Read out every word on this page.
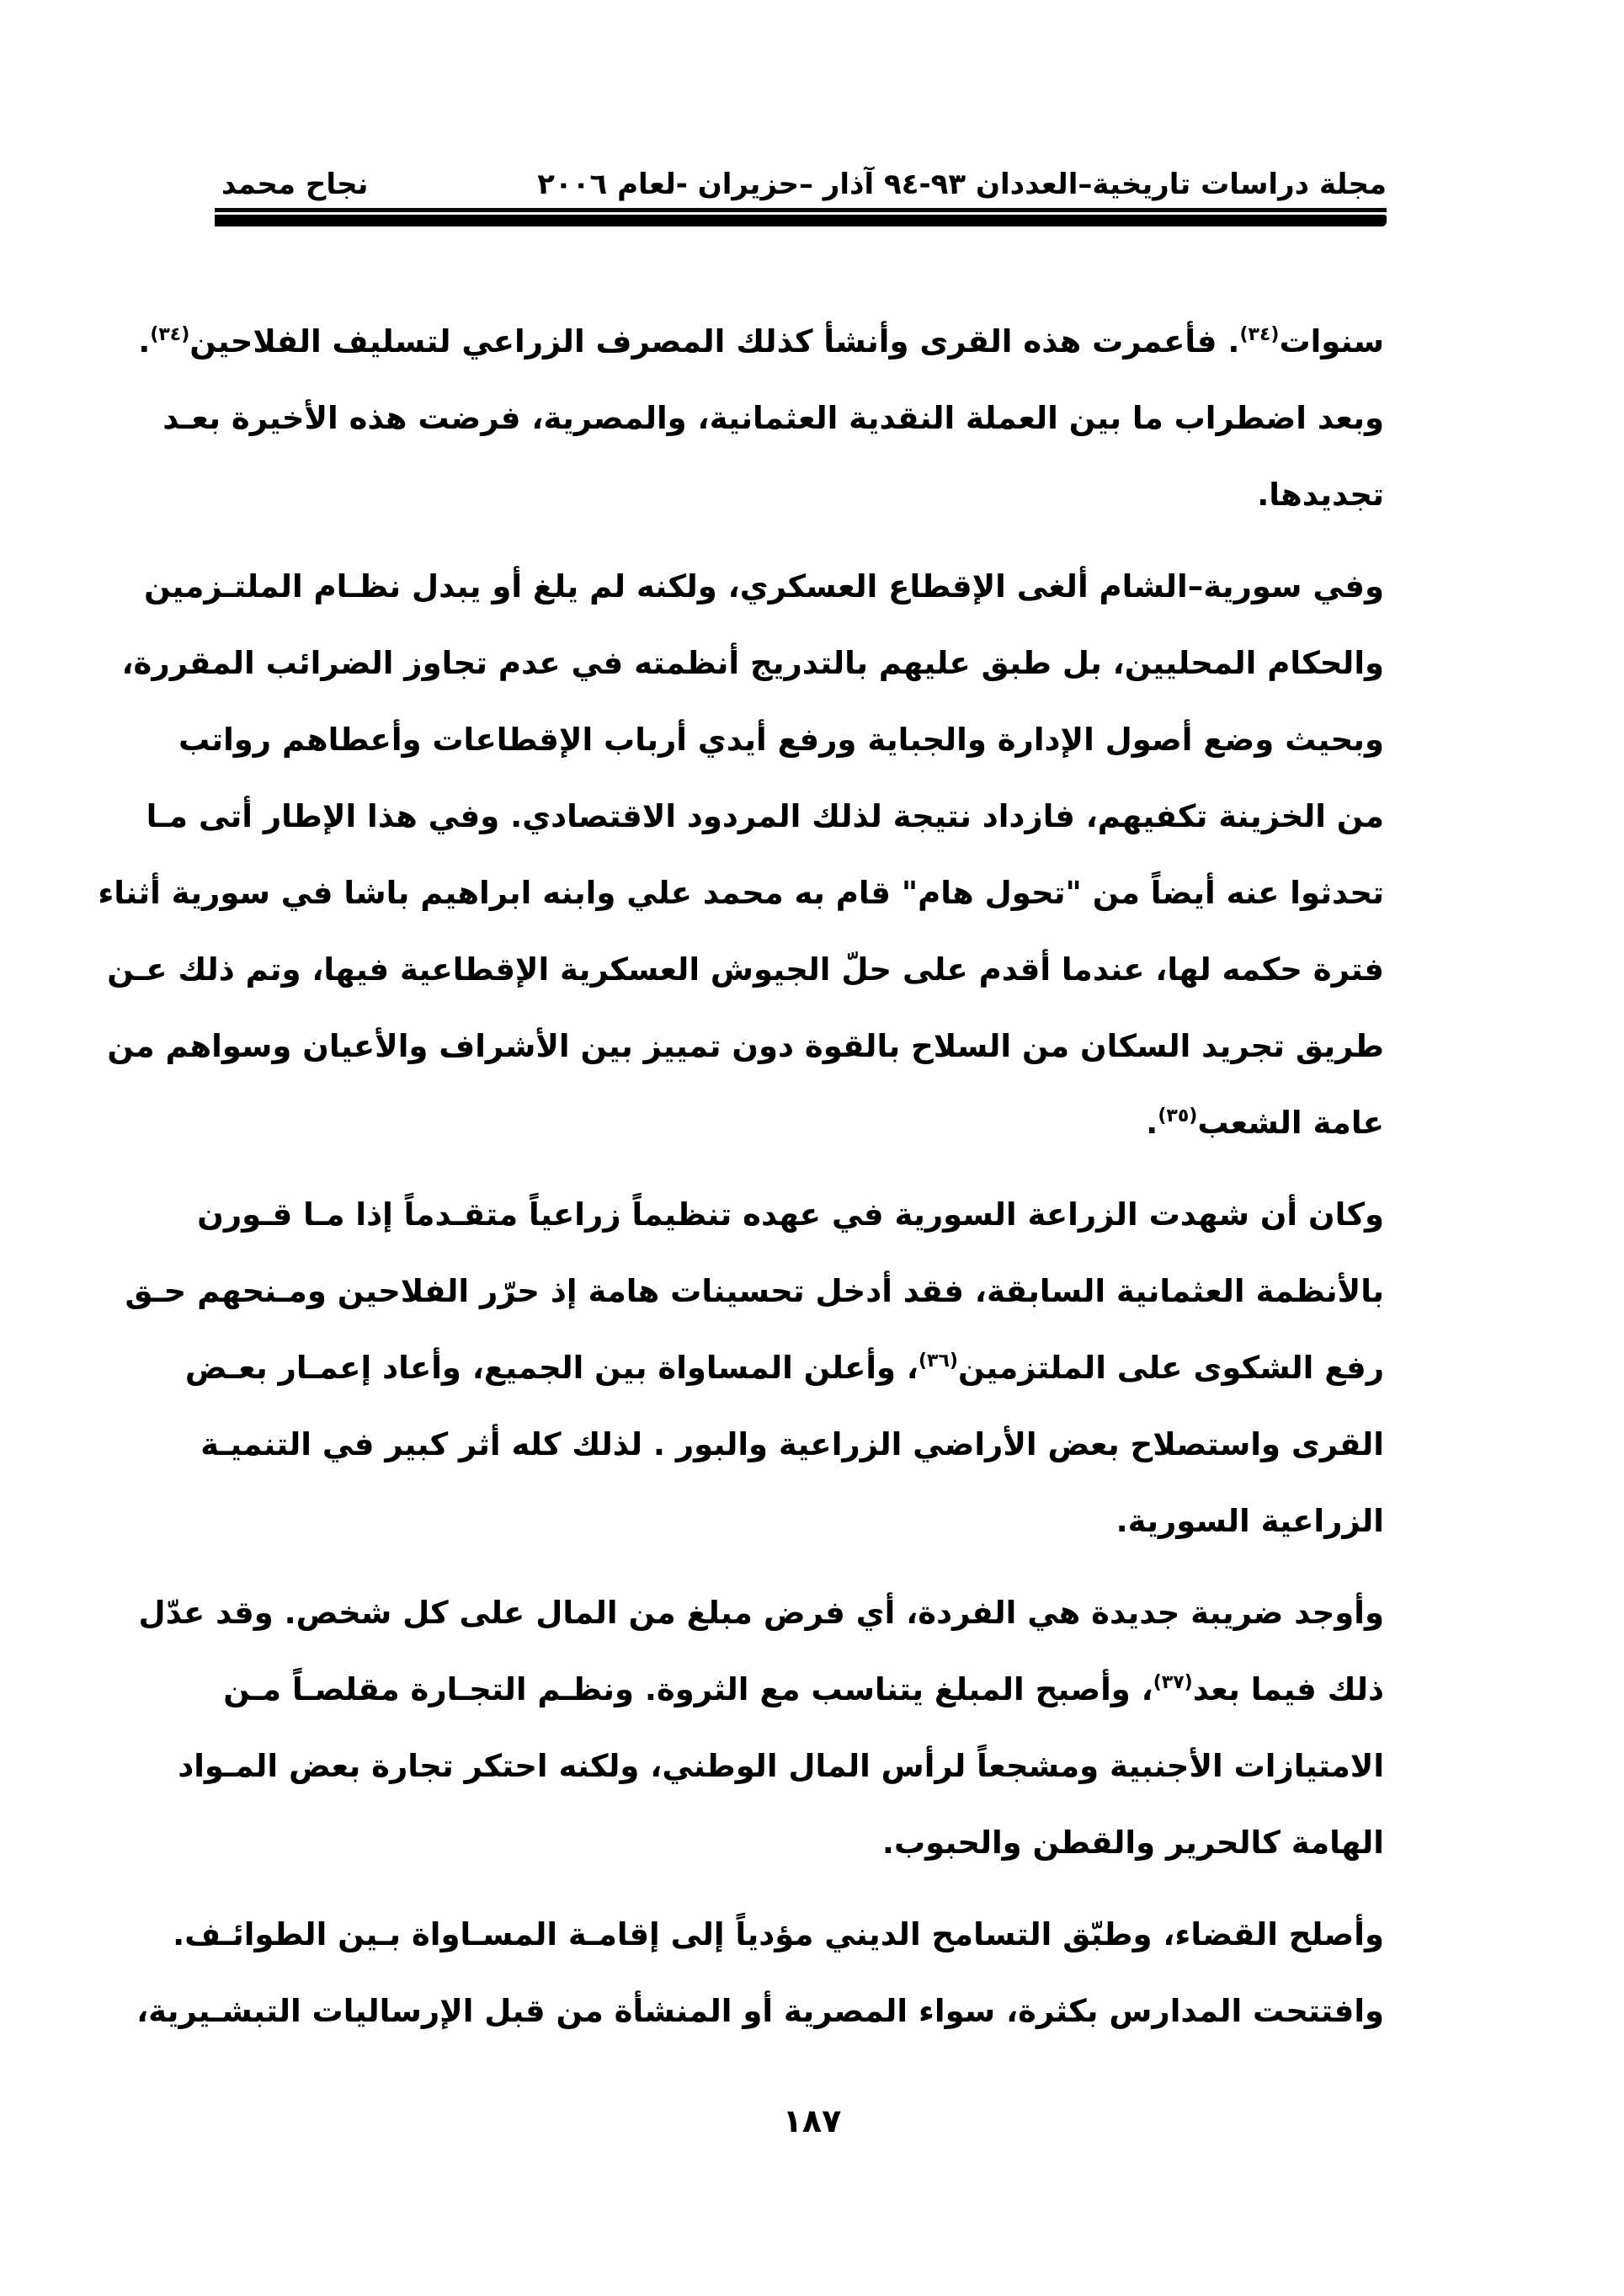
مجلة دراسات تاريخية–العددان ٩٣-٩٤ آذار –حزيران -لعام ٢٠٠٦
نجاح محمد
سنوات$^{(٣٤)}$. فأعمرت هذه القرى وأنشأ كذلك المصرف الزراعي لتسليف الفلاحين$^{(٣٤)}$.
وبعد اضطراب ما بين العملة النقدية العثمانية، والمصرية، فرضت هذه الأخيرة بعـد
تجديدها.
وفي سورية–الشام ألغى الإقطاع العسكري، ولكنه لم يلغ أو يبدل نظـام الملتـزمين
والحكام المحليين، بل طبق عليهم بالتدريج أنظمته في عدم تجاوز الضرائب المقررة،
وبحيث وضع أصول الإدارة والجباية ورفع أيدي أرباب الإقطاعات وأعطاهم رواتب
من الخزينة تكفيهم، فازداد نتيجة لذلك المردود الاقتصادي. وفي هذا الإطار أتى مـا
تحدثوا عنه أيضاً من "تحول هام" قام به محمد علي وابنه ابراهيم باشا في سورية أثناء
فترة حكمه لها، عندما أقدم على حلّ الجيوش العسكرية الإقطاعية فيها، وتم ذلك عـن
طريق تجريد السكان من السلاح بالقوة دون تمييز بين الأشراف والأعيان وسواهم من
عامة الشعب$^{(٣٥)}$.
وكان أن شهدت الزراعة السورية في عهده تنظيماً زراعياً متقـدماً إذا مـا قـورن
بالأنظمة العثمانية السابقة، فقد أدخل تحسينات هامة إذ حرّر الفلاحين ومـنحهم حـق
رفع الشكوى على الملتزمين$^{(٣٦)}$، وأعلن المساواة بين الجميع، وأعاد إعمـار بعـض
القرى واستصلاح بعض الأراضي الزراعية والبور . لذلك كله أثر كبير في التنميـة
الزراعية السورية.
وأوجد ضريبة جديدة هي الفردة، أي فرض مبلغ من المال على كل شخص. وقد عدّل
ذلك فيما بعد$^{(٣٧)}$، وأصبح المبلغ يتناسب مع الثروة. ونظـم التجـارة مقلصـاً مـن
الامتيازات الأجنبية ومشجعاً لرأس المال الوطني، ولكنه احتكر تجارة بعض المـواد
الهامة كالحرير والقطن والحبوب.
وأصلح القضاء، وطبّق التسامح الديني مؤدياً إلى إقامـة المسـاواة بـين الطوائـف.
وافتتحت المدارس بكثرة، سواء المصرية أو المنشأة من قبل الإرساليات التبشـيرية،
١٨٧
